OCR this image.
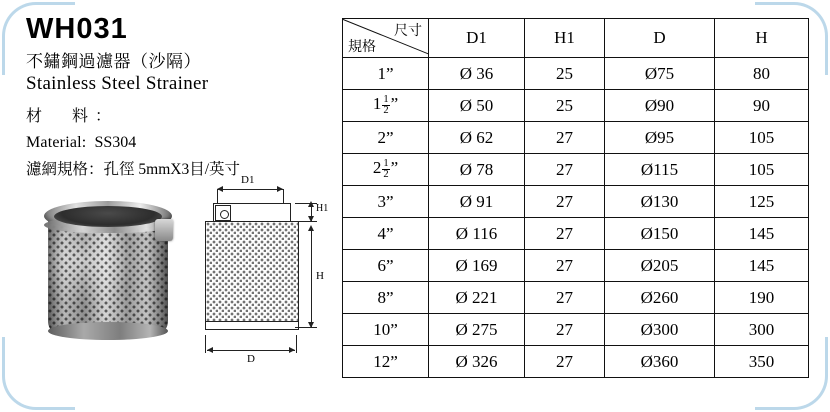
WH031
不鏽鋼過濾器（沙隔）
Stainless Steel Strainer
材　料：
Material: SS304
濾網規格：孔徑 5mmX3目/英寸
D1
H1
H
D
尺寸
規格	D1	H1	D	H
1”	Ø 36	25	Ø75	80
$1 \frac{1}{2}$ ”	Ø 50	25	Ø90	90
2”	Ø 62	27	Ø95	105
$2 \frac{1}{2}$ ”	Ø 78	27	Ø115	105
3”	Ø 91	27	Ø130	125
4”	Ø 116	27	Ø150	145
6”	Ø 169	27	Ø205	145
8”	Ø 221	27	Ø260	190
10”	Ø 275	27	Ø300	300
12”	Ø 326	27	Ø360	350
